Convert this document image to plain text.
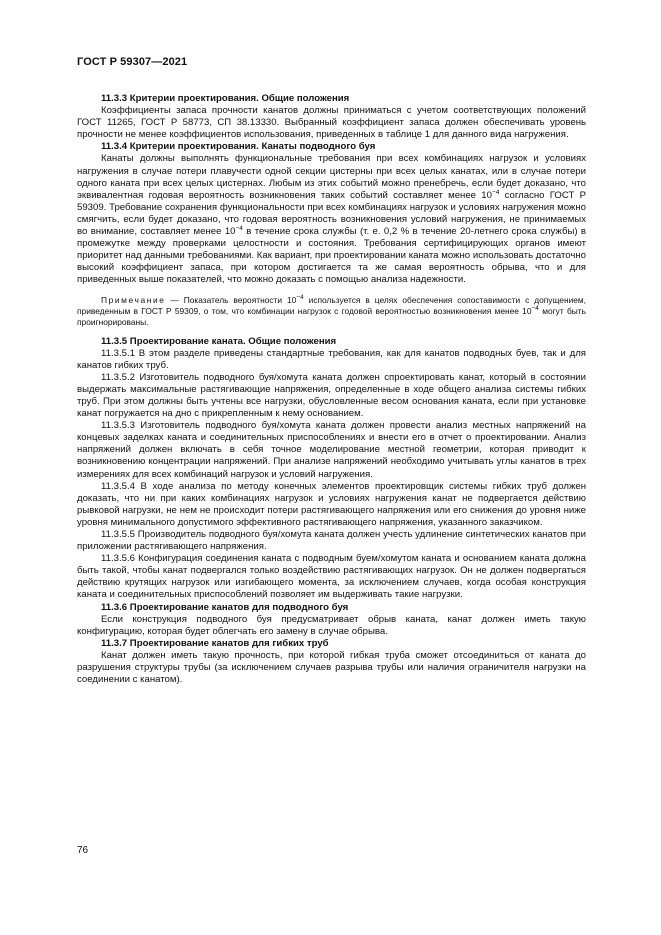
ГОСТ Р 59307—2021

11.3.3 Критерии проектирования. Общие положения

Коэффициенты запаса прочности канатов должны приниматься с учетом соответствующих положений ГОСТ 11265, ГОСТ Р 58773, СП 38.13330. Выбранный коэффициент запаса должен обеспечивать уровень прочности не менее коэффициентов использования, приведенных в таблице 1 для данного вида нагружения.

11.3.4 Критерии проектирования. Канаты подводного буя

Канаты должны выполнять функциональные требования при всех комбинациях нагрузок и условиях нагружения в случае потери плавучести одной секции цистерны при всех целых канатах, или в случае потери одного каната при всех целых цистернах. Любым из этих событий можно пренебречь, если будет доказано, что эквивалентная годовая вероятность возникновения таких событий составляет менее $10^{-4}$ согласно ГОСТ Р 59309. Требование сохранения функциональности при всех комбинациях нагрузок и условиях нагружения можно смягчить, если будет доказано, что годовая вероятность возникновения условий нагружения, не принимаемых во внимание, составляет менее $10^{-4}$ в течение срока службы (т. е. 0,2 % в течение 20-летнего срока службы) в промежутке между проверками целостности и состояния. Требования сертифицирующих органов имеют приоритет над данными требованиями. Как вариант, при проектировании каната можно использовать достаточно высокий коэффициент запаса, при котором достигается та же самая вероятность обрыва, что и для приведенных выше показателей, что можно доказать с помощью анализа надежности.

Примечание — Показатель вероятности $10^{-4}$ используется в целях обеспечения сопоставимости с допущением, приведенным в ГОСТ Р 59309, о том, что комбинации нагрузок с годовой вероятностью возникновения менее $10^{-4}$ могут быть проигнорированы.

11.3.5 Проектирование каната. Общие положения

11.3.5.1 В этом разделе приведены стандартные требования, как для канатов подводных буев, так и для канатов гибких труб.

11.3.5.2 Изготовитель подводного буя/хомута каната должен спроектировать канат, который в состоянии выдержать максимальные растягивающие напряжения, определенные в ходе общего анализа системы гибких труб. При этом должны быть учтены все нагрузки, обусловленные весом основания каната, если при установке канат погружается на дно с прикрепленным к нему основанием.

11.3.5.3 Изготовитель подводного буя/хомута каната должен провести анализ местных напряжений на концевых заделках каната и соединительных приспособлениях и внести его в отчет о проектировании. Анализ напряжений должен включать в себя точное моделирование местной геометрии, которая приводит к возникновению концентрации напряжений. При анализе напряжений необходимо учитывать углы канатов в трех измерениях для всех комбинаций нагрузок и условий нагружения.

11.3.5.4 В ходе анализа по методу конечных элементов проектировщик системы гибких труб должен доказать, что ни при каких комбинациях нагрузок и условиях нагружения канат не подвергается действию рывковой нагрузки, не нем не происходит потери растягивающего напряжения или его снижения до уровня ниже уровня минимального допустимого эффективного растягивающего напряжения, указанного заказчиком.

11.3.5.5 Производитель подводного буя/хомута каната должен учесть удлинение синтетических канатов при приложении растягивающего напряжения.

11.3.5.6 Конфигурация соединения каната с подводным буем/хомутом каната и основанием каната должна быть такой, чтобы канат подвергался только воздействию растягивающих нагрузок. Он не должен подвергаться действию крутящих нагрузок или изгибающего момента, за исключением случаев, когда особая конструкция каната и соединительных приспособлений позволяет им выдерживать такие нагрузки.

11.3.6 Проектирование канатов для подводного буя

Если конструкция подводного буя предусматривает обрыв каната, канат должен иметь такую конфигурацию, которая будет облегчать его замену в случае обрыва.

11.3.7 Проектирование канатов для гибких труб

Канат должен иметь такую прочность, при которой гибкая труба сможет отсоединиться от каната до разрушения структуры трубы (за исключением случаев разрыва трубы или наличия ограничителя нагрузки на соединении с канатом).

76
